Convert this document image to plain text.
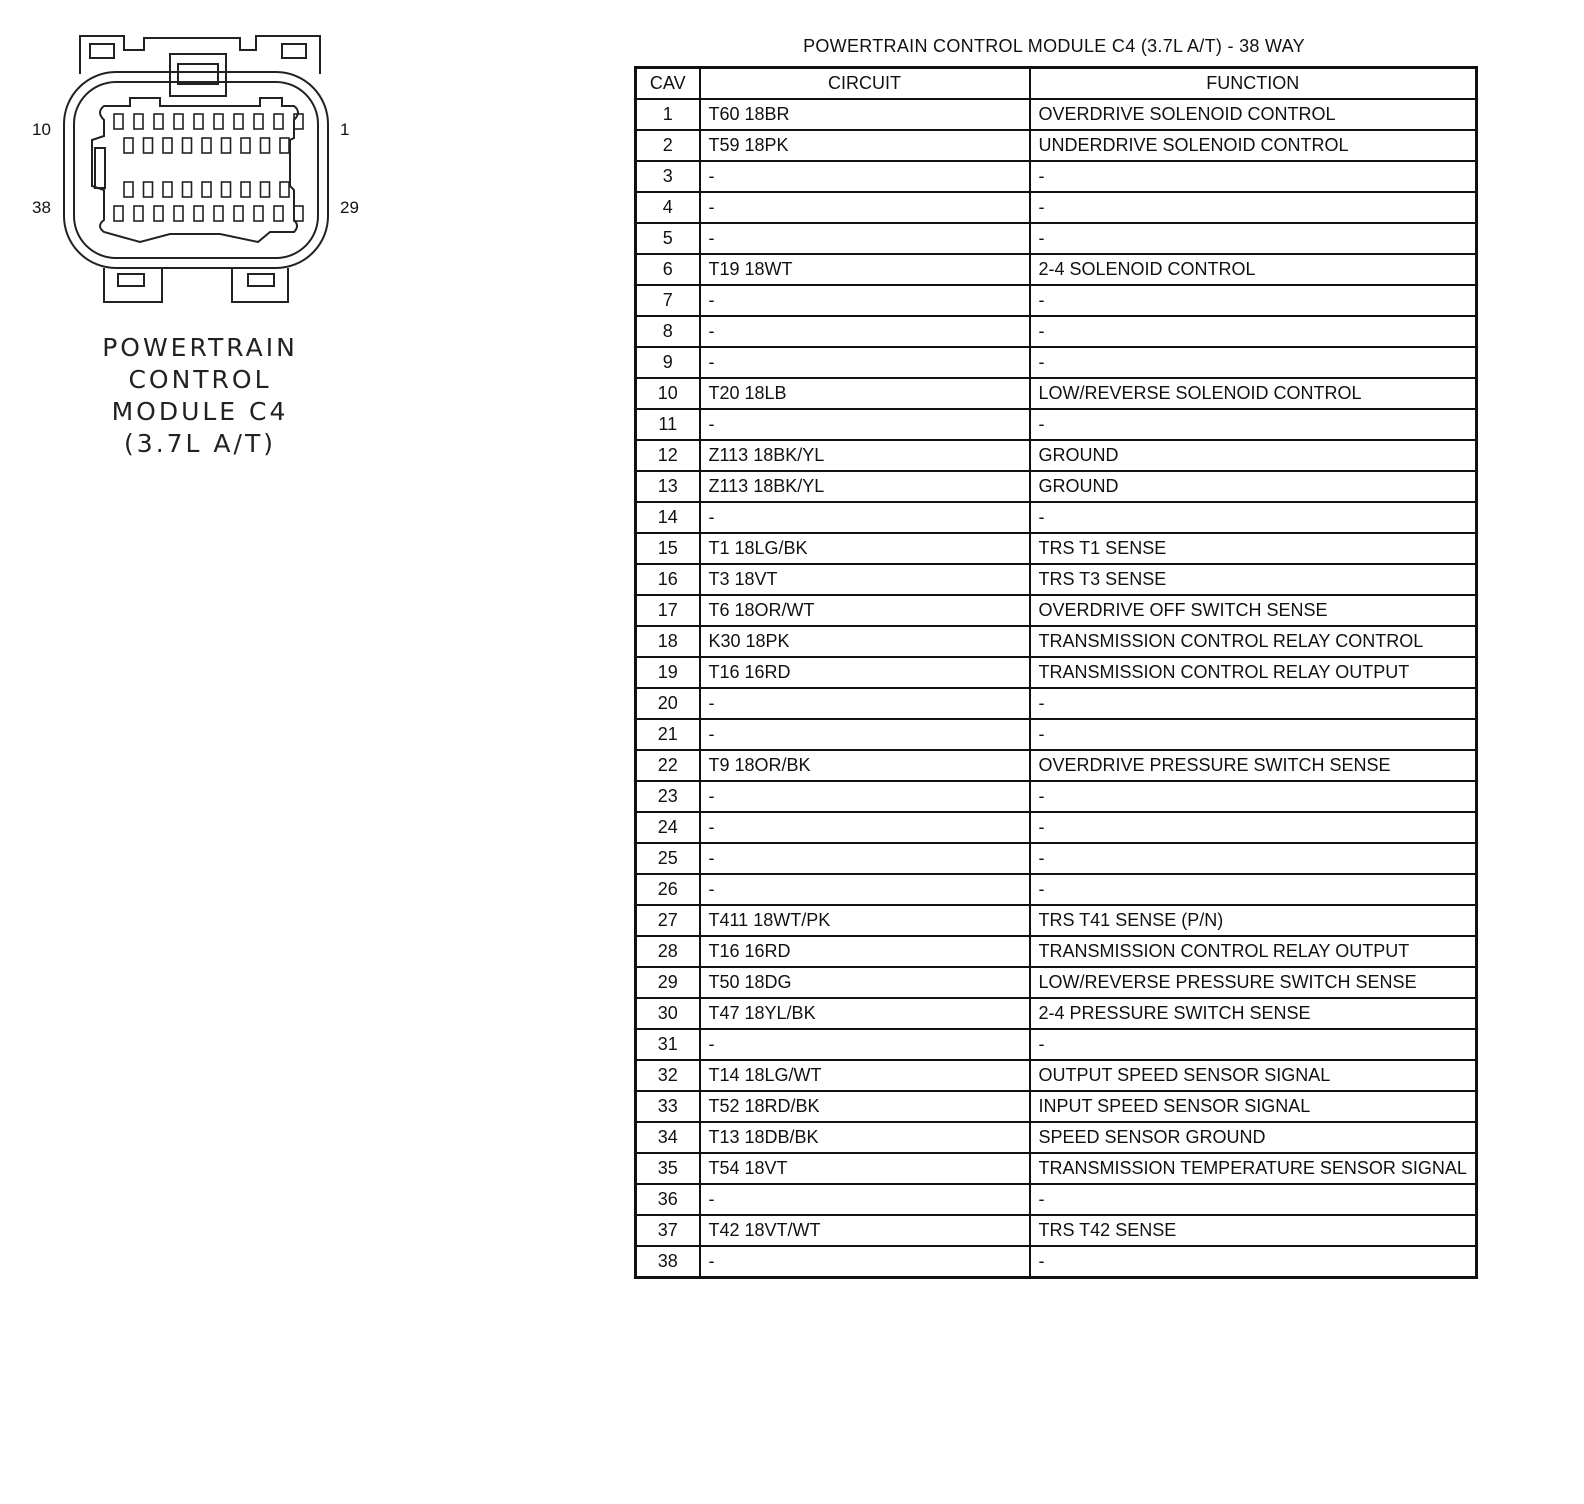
10	1
38	29
POWERTRAIN
CONTROL
MODULE C4
(3.7L A/T)
POWERTRAIN CONTROL MODULE C4 (3.7L A/T) - 38 WAY
CAV	CIRCUIT	FUNCTION
1	T60 18BR	OVERDRIVE SOLENOID CONTROL
2	T59 18PK	UNDERDRIVE SOLENOID CONTROL
3	-	-
4	-	-
5	-	-
6	T19 18WT	2-4 SOLENOID CONTROL
7	-	-
8	-	-
9	-	-
10	T20 18LB	LOW/REVERSE SOLENOID CONTROL
11	-	-
12	Z113 18BK/YL	GROUND
13	Z113 18BK/YL	GROUND
14	-	-
15	T1 18LG/BK	TRS T1 SENSE
16	T3 18VT	TRS T3 SENSE
17	T6 18OR/WT	OVERDRIVE OFF SWITCH SENSE
18	K30 18PK	TRANSMISSION CONTROL RELAY CONTROL
19	T16 16RD	TRANSMISSION CONTROL RELAY OUTPUT
20	-	-
21	-	-
22	T9 18OR/BK	OVERDRIVE PRESSURE SWITCH SENSE
23	-	-
24	-	-
25	-	-
26	-	-
27	T411 18WT/PK	TRS T41 SENSE (P/N)
28	T16 16RD	TRANSMISSION CONTROL RELAY OUTPUT
29	T50 18DG	LOW/REVERSE PRESSURE SWITCH SENSE
30	T47 18YL/BK	2-4 PRESSURE SWITCH SENSE
31	-	-
32	T14 18LG/WT	OUTPUT SPEED SENSOR SIGNAL
33	T52 18RD/BK	INPUT SPEED SENSOR SIGNAL
34	T13 18DB/BK	SPEED SENSOR GROUND
35	T54 18VT	TRANSMISSION TEMPERATURE SENSOR SIGNAL
36	-	-
37	T42 18VT/WT	TRS T42 SENSE
38	-	-
